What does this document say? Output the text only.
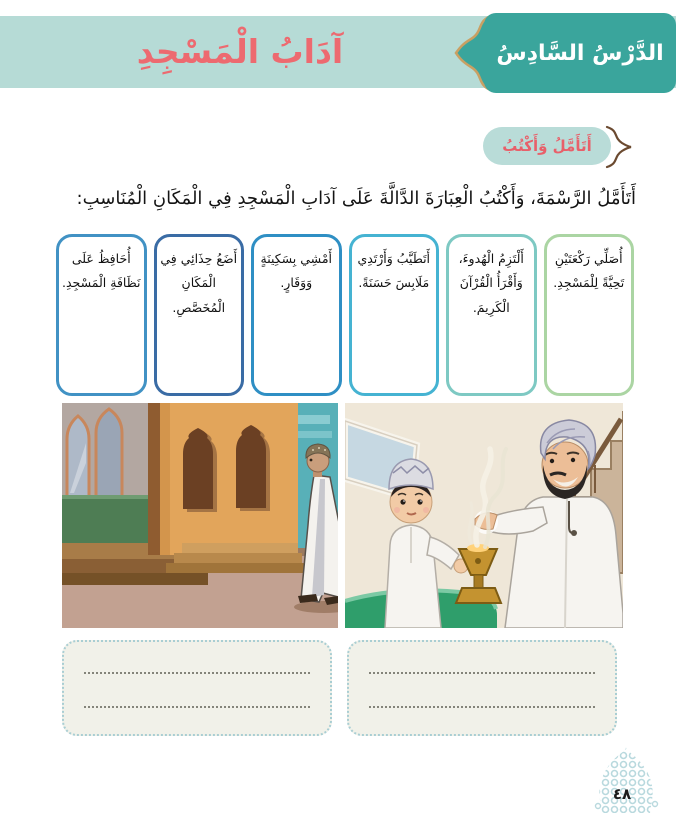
آدَابُ الْمَسْجِدِ	الدَّرْسُ السَّادِسُ
أَتَأَمَّلُ وَأَكْتُبُ
أَتَأَمَّلُ الرَّسْمَةَ، وَأَكْتُبُ الْعِبَارَةَ الدَّالَّةَ عَلَى آدَابِ الْمَسْجِدِ فِي الْمَكَانِ الْمُنَاسِبِ:
أُصَلِّي رَكْعَتَيْنِ تَحِيَّةً لِلْمَسْجِدِ.
أَلْتَزِمُ الْهُدوءَ، وَأَقْرَأُ الْقُرْآنَ الْكَرِيمَ.
أَتَطَيَّبُ وَأَرْتَدِي مَلَابِسَ حَسَنَةً.
أَمْشِي بِسَكِينَةٍ وَوَقَارٍ.
أَضَعُ حِذَائِي فِي الْمَكَانِ الْمُخَصَّصِ.
أُحَافِظُ عَلَى نَظَافَةِ الْمَسْجِدِ.
٤٨
